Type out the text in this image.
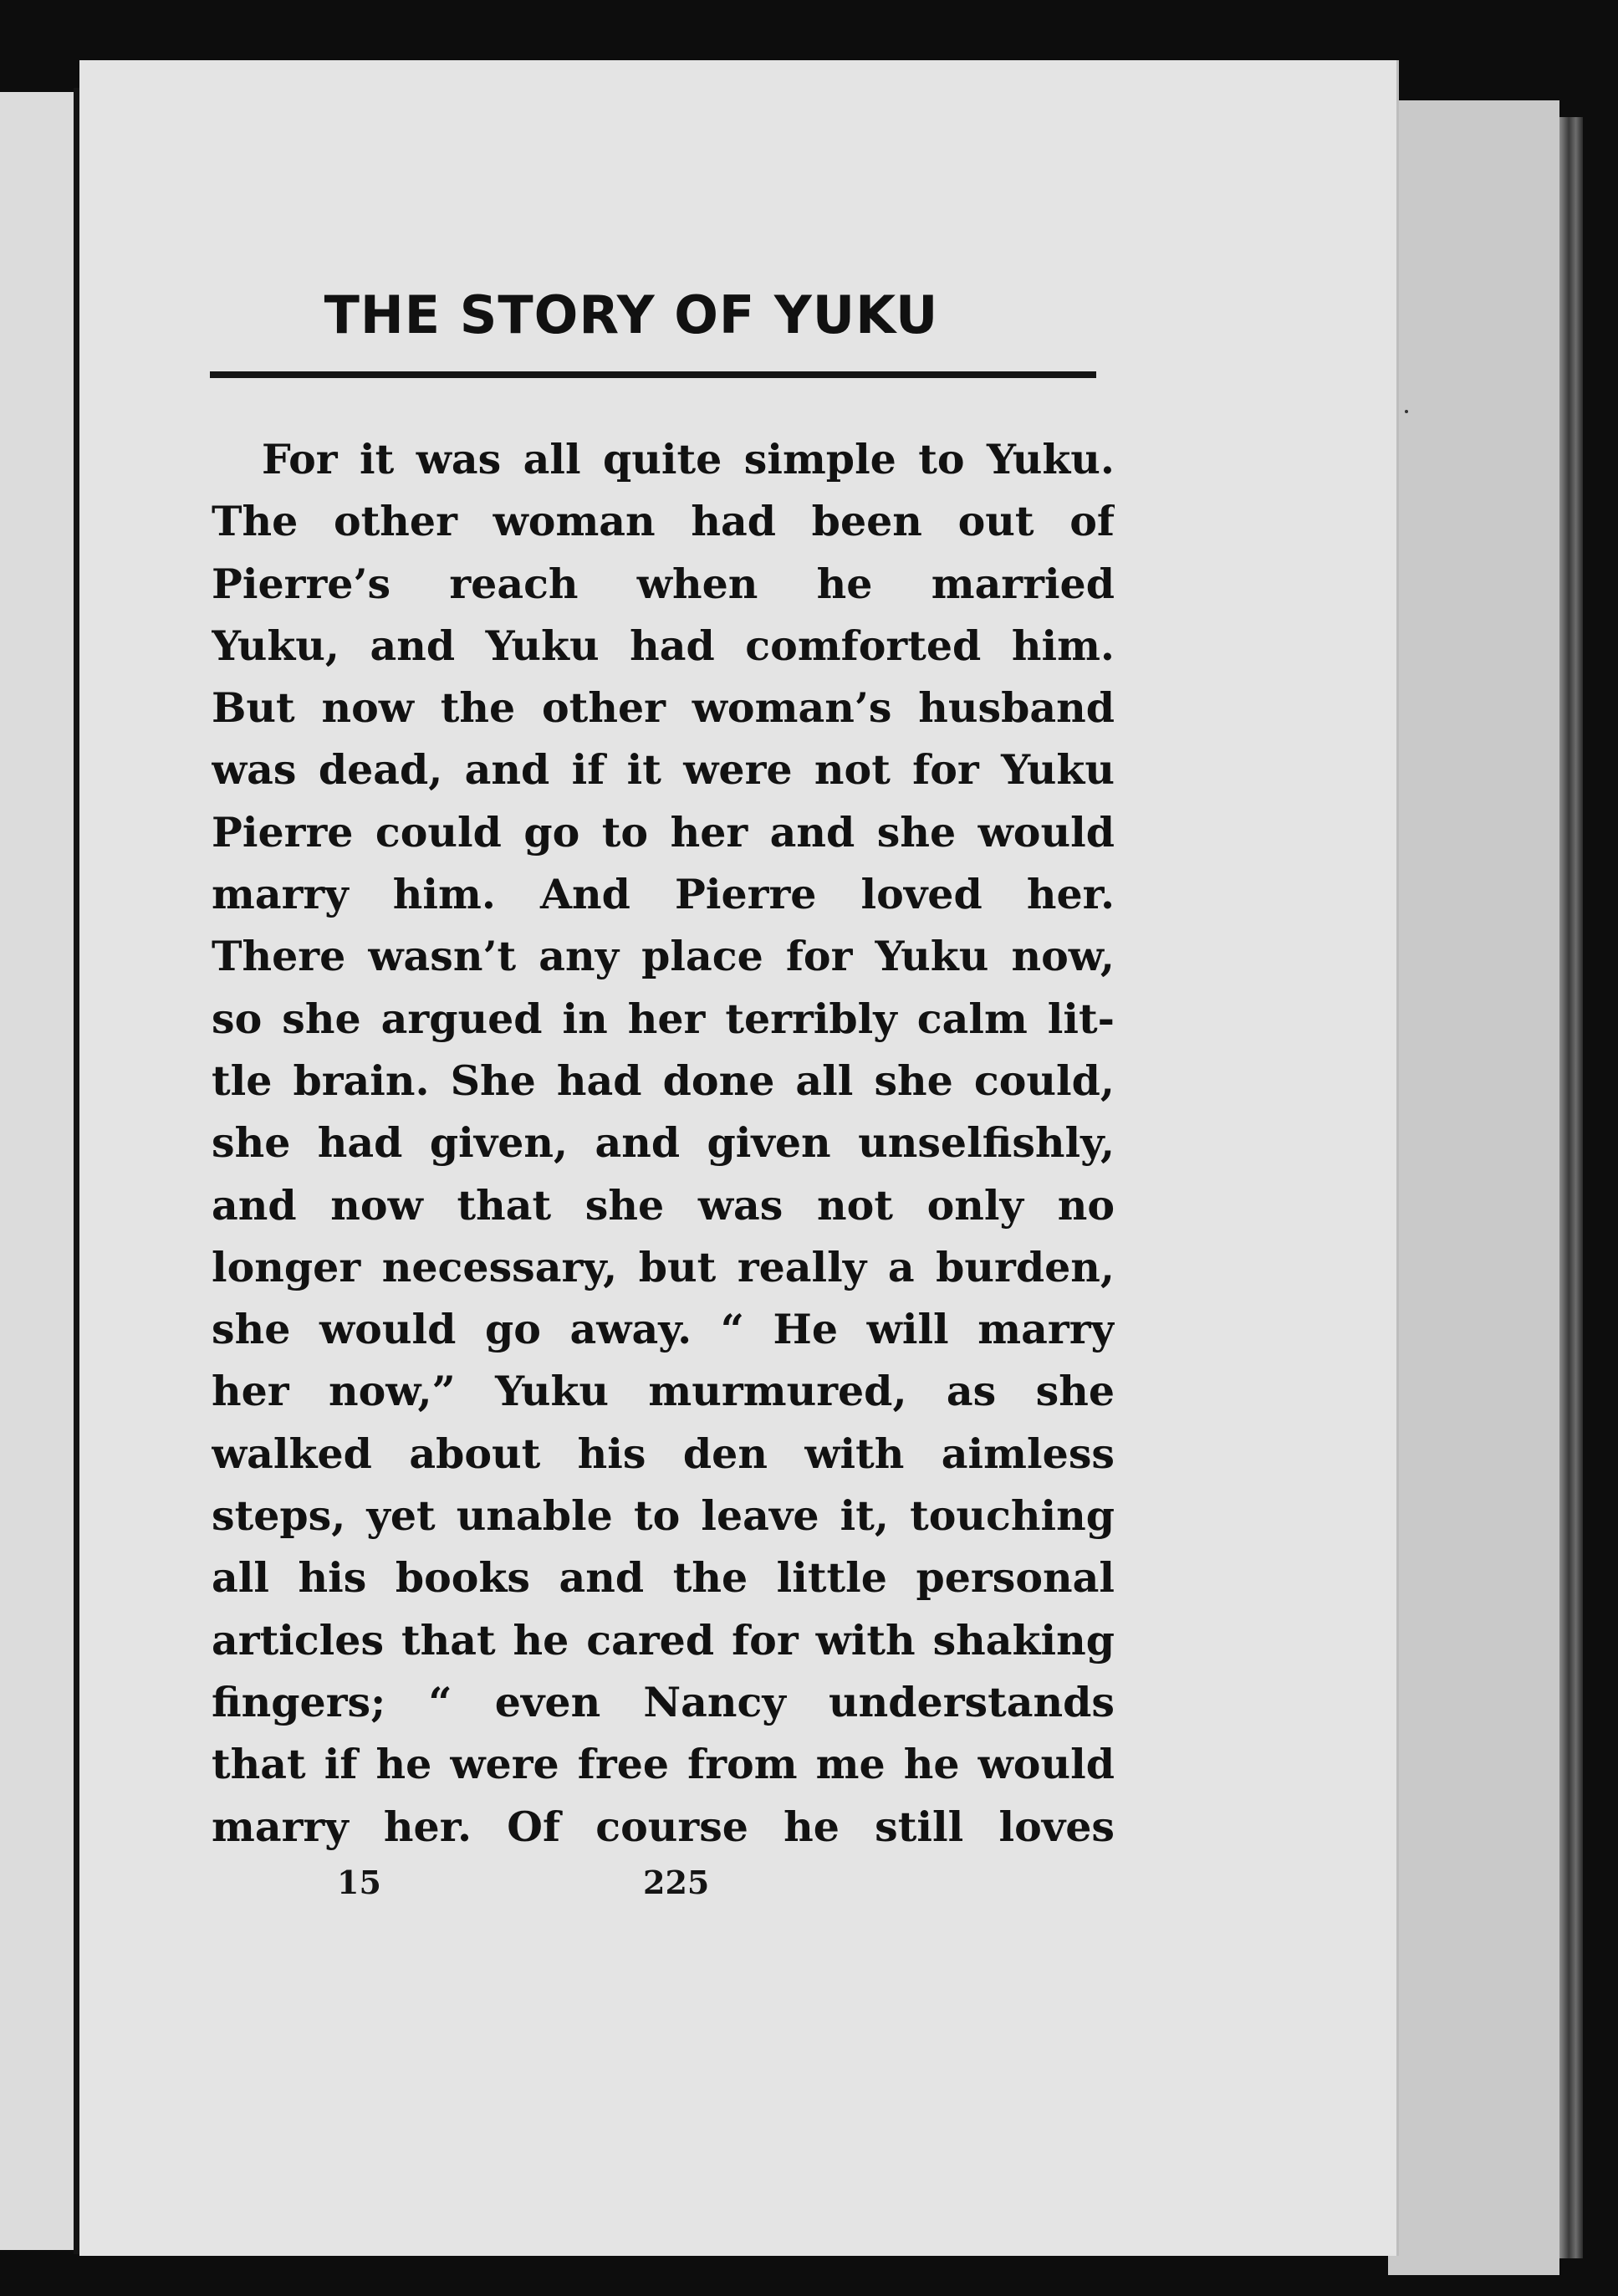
THE STORY OF YUKU
For it was all quite simple to Yuku.
The other woman had been out of
Pierre’s reach when he married
Yuku, and Yuku had comforted him.
But now the other woman’s husband
was dead, and if it were not for Yuku
Pierre could go to her and she would
marry him. And Pierre loved her.
There wasn’t any place for Yuku now,
so she argued in her terribly calm lit-
tle brain. She had done all she could,
she had given, and given unselfishly,
and now that she was not only no
longer necessary, but really a burden,
she would go away. “ He will marry
her now,” Yuku murmured, as she
walked about his den with aimless
steps, yet unable to leave it, touching
all his books and the little personal
articles that he cared for with shaking
fingers; “ even Nancy understands
that if he were free from me he would
marry her. Of course he still loves
15	225
